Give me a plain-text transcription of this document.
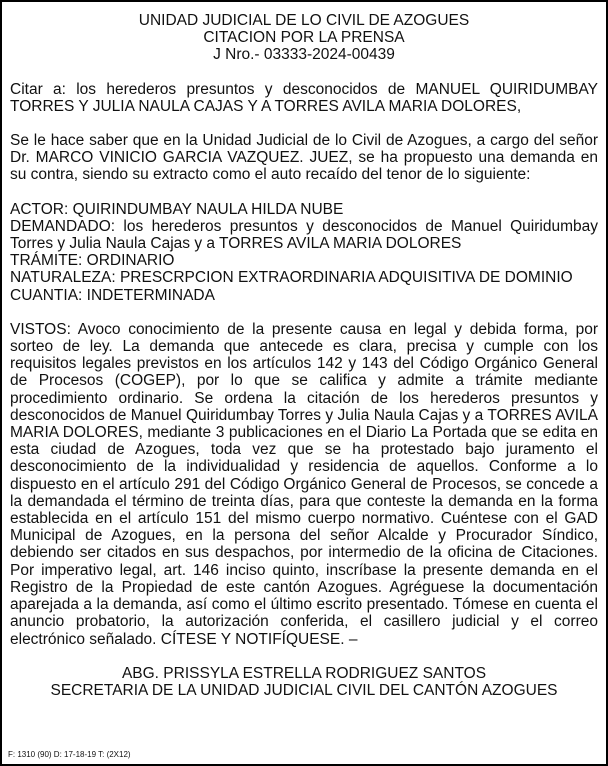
UNIDAD JUDICIAL DE LO CIVIL DE AZOGUES
CITACION POR LA PRENSA
J Nro.- 03333-2024-00439

Citar a: los herederos presuntos y desconocidos de MANUEL QUIRIDUMBAY TORRES Y JULIA NAULA CAJAS Y A TORRES AVILA MARIA DOLORES,

Se le hace saber que en la Unidad Judicial de lo Civil de Azogues, a cargo del señor Dr. MARCO VINICIO GARCIA VAZQUEZ. JUEZ, se ha propuesto una demanda en su contra, siendo su extracto como el auto recaído del tenor de lo siguiente:

ACTOR: QUIRINDUMBAY NAULA HILDA NUBE
DEMANDADO: los herederos presuntos y desconocidos de Manuel Quiridumbay Torres y Julia Naula Cajas y a TORRES AVILA MARIA DOLORES
TRÁMITE: ORDINARIO
NATURALEZA: PRESCRPCION EXTRAORDINARIA ADQUISITIVA DE DOMINIO
CUANTIA: INDETERMINADA

VISTOS: Avoco conocimiento de la presente causa en legal y debida forma, por sorteo de ley. La demanda que antecede es clara, precisa y cumple con los requisitos legales previstos en los artículos 142 y 143 del Código Orgánico General de Procesos (COGEP), por lo que se califica y admite a trámite mediante procedimiento ordinario. Se ordena la citación de los herederos presuntos y desconocidos de Manuel Quiridumbay Torres y Julia Naula Cajas y a TORRES AVILA MARIA DOLORES, mediante 3 publicaciones en el Diario La Portada que se edita en esta ciudad de Azogues, toda vez que se ha protestado bajo juramento el desconocimiento de la individualidad y residencia de aquellos. Conforme a lo dispuesto en el artículo 291 del Código Orgánico General de Procesos, se concede a la demandada el término de treinta días, para que conteste la demanda en la forma establecida en el artículo 151 del mismo cuerpo normativo. Cuéntese con el GAD Municipal de Azogues, en la persona del señor Alcalde y Procurador Síndico, debiendo ser citados en sus despachos, por intermedio de la oficina de Citaciones. Por imperativo legal, art. 146 inciso quinto, inscríbase la presente demanda en el Registro de la Propiedad de este cantón Azogues. Agréguese la documentación aparejada a la demanda, así como el último escrito presentado. Tómese en cuenta el anuncio probatorio, la autorización conferida, el casillero judicial y el correo electrónico señalado. CÍTESE Y NOTIFÍQUESE. –

ABG. PRISSYLA ESTRELLA RODRIGUEZ SANTOS
SECRETARIA DE LA UNIDAD JUDICIAL CIVIL DEL CANTÓN AZOGUES
F: 1310 (90) D: 17-18-19 T: (2X12)
